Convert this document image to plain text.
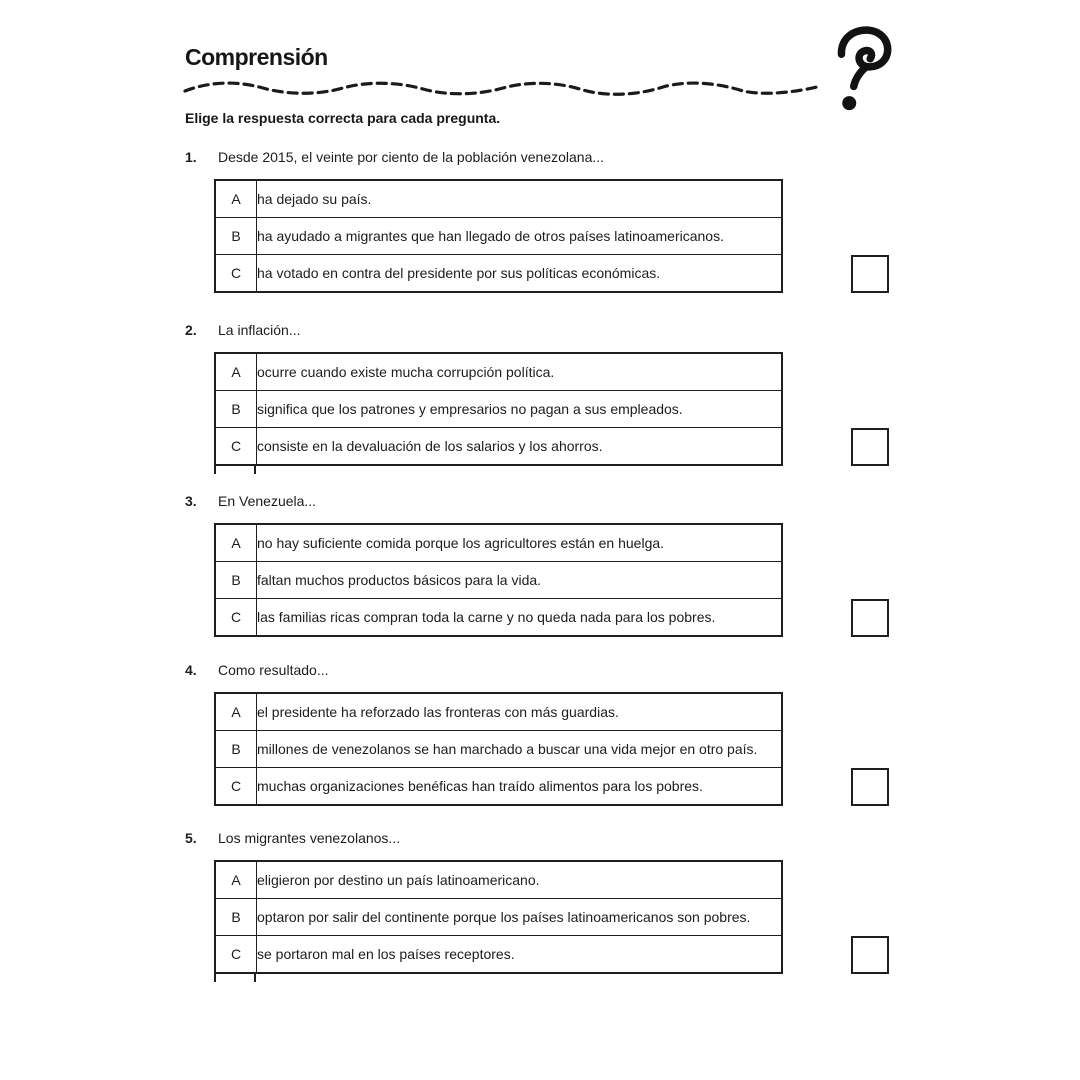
Comprensión

Elige la respuesta correcta para cada pregunta.

1.	Desde 2015, el veinte por ciento de la población venezolana...
A	ha dejado su país.
B	ha ayudado a migrantes que han llegado de otros países latinoamericanos.
C	ha votado en contra del presidente por sus políticas económicas.
2.	La inflación...
A	ocurre cuando existe mucha corrupción política.
B	significa que los patrones y empresarios no pagan a sus empleados.
C	consiste en la devaluación de los salarios y los ahorros.
3.	En Venezuela...
A	no hay suficiente comida porque los agricultores están en huelga.
B	faltan muchos productos básicos para la vida.
C	las familias ricas compran toda la carne y no queda nada para los pobres.
4.	Como resultado...
A	el presidente ha reforzado las fronteras con más guardias.
B	millones de venezolanos se han marchado a buscar una vida mejor en otro país.
C	muchas organizaciones benéficas han traído alimentos para los pobres.
5.	Los migrantes venezolanos...
A	eligieron por destino un país latinoamericano.
B	optaron por salir del continente porque los países latinoamericanos son pobres.
C	se portaron mal en los países receptores.
